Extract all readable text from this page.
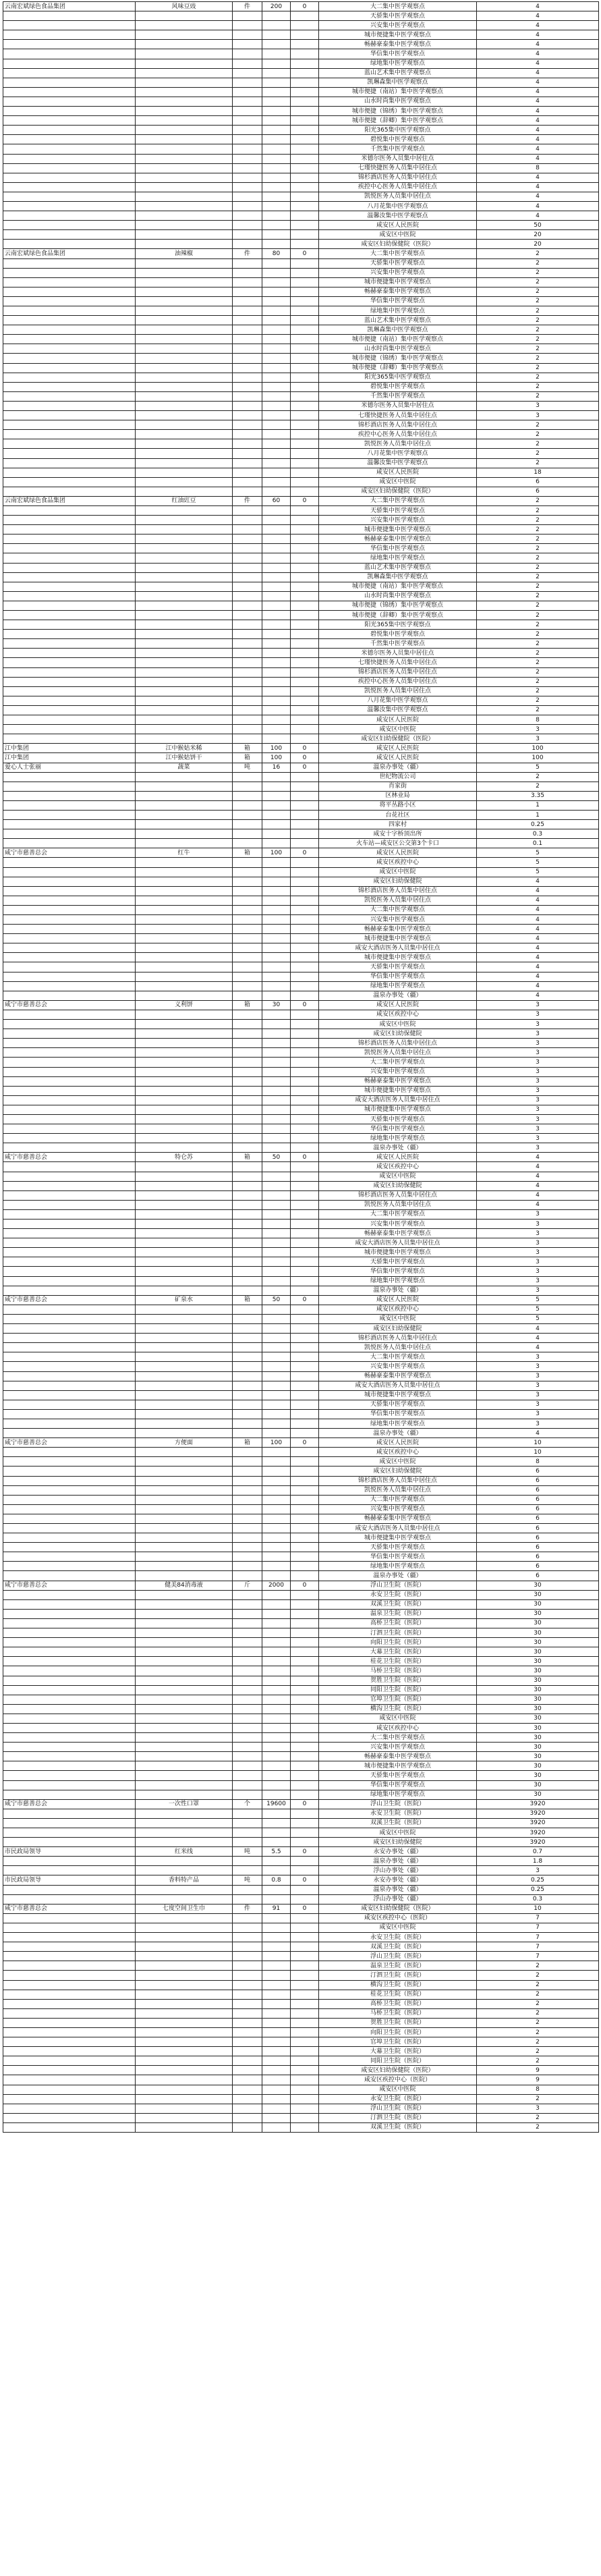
云南宏斌绿色食品集团	风味豆豉	件	200	0	大二集中医学观察点	4
					天骄集中医学观察点	4
					兴安集中医学观察点	4
					城市便捷集中医学观察点	4
					畅赫豪泰集中医学观察点	4
					华信集中医学观察点	4
					绿地集中医学观察点	4
					蓝山艺术集中医学观察点	4
					凯琳森集中医学观察点	4
					城市便捷（南站）集中医学观察点	4
					山水时尚集中医学观察点	4
					城市便捷（锦绣）集中医学观察点	4
					城市便捷（辞卿）集中医学观察点	4
					阳光365集中医学观察点	4
					碧悦集中医学观察点	4
					千然集中医学观察点	4
					米德尔医务人员集中居住点	4
					七瑾快捷医务人员集中居住点	8
					锦杉酒店医务人员集中居住点	4
					疾控中心医务人员集中居住点	4
					凯悦医务人员集中居住点	4
					八月花集中医学观察点	4
					温馨汝集中医学观察点	4
					咸安区人民医院	50
					咸安区中医院	20
					咸安区妇幼保健院（医院）	20
云南宏斌绿色食品集团	油辣椒	件	80	0	大二集中医学观察点	2
					天骄集中医学观察点	2
					兴安集中医学观察点	2
					城市便捷集中医学观察点	2
					畅赫豪泰集中医学观察点	2
					华信集中医学观察点	2
					绿地集中医学观察点	2
					蓝山艺术集中医学观察点	2
					凯琳森集中医学观察点	2
					城市便捷（南站）集中医学观察点	2
					山水时尚集中医学观察点	2
					城市便捷（锦绣）集中医学观察点	2
					城市便捷（辞卿）集中医学观察点	2
					阳光365集中医学观察点	2
					碧悦集中医学观察点	2
					千然集中医学观察点	2
					米德尔医务人员集中居住点	3
					七瑾快捷医务人员集中居住点	3
					锦杉酒店医务人员集中居住点	2
					疾控中心医务人员集中居住点	2
					凯悦医务人员集中居住点	2
					八月花集中医学观察点	2
					温馨汝集中医学观察点	2
					咸安区人民医院	18
					咸安区中医院	6
					咸安区妇幼保健院（医院）	6
云南宏斌绿色食品集团	红油豇豆	件	60	0	大二集中医学观察点	2
					天骄集中医学观察点	2
					兴安集中医学观察点	2
					城市便捷集中医学观察点	2
					畅赫豪泰集中医学观察点	2
					华信集中医学观察点	2
					绿地集中医学观察点	2
					蓝山艺术集中医学观察点	2
					凯琳森集中医学观察点	2
					城市便捷（南站）集中医学观察点	2
					山水时尚集中医学观察点	2
					城市便捷（锦绣）集中医学观察点	2
					城市便捷（辞卿）集中医学观察点	2
					阳光365集中医学观察点	2
					碧悦集中医学观察点	2
					千然集中医学观察点	2
					米德尔医务人员集中居住点	2
					七瑾快捷医务人员集中居住点	2
					锦杉酒店医务人员集中居住点	2
					疾控中心医务人员集中居住点	2
					凯悦医务人员集中居住点	2
					八月花集中医学观察点	2
					温馨汝集中医学观察点	2
					咸安区人民医院	8
					咸安区中医院	3
					咸安区妇幼保健院（医院）	3
江中集团	江中猴姑米稀	箱	100	0	咸安区人民医院	100
江中集团	江中猴姑饼干	箱	100	0	咸安区人民医院	100
爱心人士张丽	蔬菜	吨	16	0	温泉办事处（疆）	5
					世纪物流公司	2
					肖家街	2
					区林业局	3.35
					将平丛路小区	1
					台花社区	1
					四家村	0.25
					咸安十字桥顶出所	0.3
					火车站—咸安区公交第3个卡口	0.1
咸宁市慈善总会	红牛	箱	100	0	咸安区人民医院	5
					咸安区疾控中心	5
					咸安区中医院	5
					咸安区妇幼保健院	4
					锦杉酒店医务人员集中居住点	4
					凯悦医务人员集中居住点	4
					大二集中医学观察点	4
					兴安集中医学观察点	4
					畅赫豪泰集中医学观察点	4
					城市便捷集中医学观察点	4
					咸安大酒店医务人员集中居住点	4
					城市便捷集中医学观察点	4
					天骄集中医学观察点	4
					华信集中医学观察点	4
					绿地集中医学观察点	4
					温泉办事处（疆）	4
咸宁市慈善总会	义利饼	箱	30	0	咸安区人民医院	3
					咸安区疾控中心	3
					咸安区中医院	3
					咸安区妇幼保健院	3
					锦杉酒店医务人员集中居住点	3
					凯悦医务人员集中居住点	3
					大二集中医学观察点	3
					兴安集中医学观察点	3
					畅赫豪泰集中医学观察点	3
					城市便捷集中医学观察点	3
					咸安大酒店医务人员集中居住点	3
					城市便捷集中医学观察点	3
					天骄集中医学观察点	3
					华信集中医学观察点	3
					绿地集中医学观察点	3
					温泉办事处（疆）	3
咸宁市慈善总会	特仑苏	箱	50	0	咸安区人民医院	4
					咸安区疾控中心	4
					咸安区中医院	4
					咸安区妇幼保健院	4
					锦杉酒店医务人员集中居住点	4
					凯悦医务人员集中居住点	4
					大二集中医学观察点	3
					兴安集中医学观察点	3
					畅赫豪泰集中医学观察点	3
					咸安大酒店医务人员集中居住点	3
					城市便捷集中医学观察点	3
					天骄集中医学观察点	3
					华信集中医学观察点	3
					绿地集中医学观察点	3
					温泉办事处（疆）	3
咸宁市慈善总会	矿泉水	箱	50	0	咸安区人民医院	5
					咸安区疾控中心	5
					咸安区中医院	5
					咸安区妇幼保健院	4
					锦杉酒店医务人员集中居住点	4
					凯悦医务人员集中居住点	4
					大二集中医学观察点	3
					兴安集中医学观察点	3
					畅赫豪泰集中医学观察点	3
					咸安大酒店医务人员集中居住点	3
					城市便捷集中医学观察点	3
					天骄集中医学观察点	3
					华信集中医学观察点	3
					绿地集中医学观察点	3
					温泉办事处（疆）	4
咸宁市慈善总会	方便面	箱	100	0	咸安区人民医院	10
					咸安区疾控中心	10
					咸安区中医院	8
					咸安区妇幼保健院	6
					锦杉酒店医务人员集中居住点	6
					凯悦医务人员集中居住点	6
					大二集中医学观察点	6
					兴安集中医学观察点	6
					畅赫豪泰集中医学观察点	6
					咸安大酒店医务人员集中居住点	6
					城市便捷集中医学观察点	6
					天骄集中医学观察点	6
					华信集中医学观察点	6
					绿地集中医学观察点	6
					温泉办事处（疆）	6
咸宁市慈善总会	健美84消毒液	斤	2000	0	浮山卫生院（医院）	30
					永安卫生院（医院）	30
					双溪卫生院（医院）	30
					温泉卫生院（医院）	30
					高桥卫生院（医院）	30
					汀泗卫生院（医院）	30
					向阳卫生院（医院）	30
					大幕卫生院（医院）	30
					桂花卫生院（医院）	30
					马桥卫生院（医院）	30
					贺胜卫生院（医院）	30
					同阳卫生院（医院）	30
					官埠卫生院（医院）	30
					横沟卫生院（医院）	30
					咸安区中医院	30
					咸安区疾控中心	30
					大二集中医学观察点	30
					兴安集中医学观察点	30
					畅赫豪泰集中医学观察点	30
					城市便捷集中医学观察点	30
					天骄集中医学观察点	30
					华信集中医学观察点	30
					绿地集中医学观察点	30
咸宁市慈善总会	一次性口罩	个	19600	0	浮山卫生院（医院）	3920
					永安卫生院（医院）	3920
					双溪卫生院（医院）	3920
					咸安区中医院	3920
					咸安区妇幼保健院	3920
市民政局领导	红米线	吨	5.5	0	永安办事处（疆）	0.7
					温泉办事处（疆）	1.8
					浮山办事处（疆）	3
市民政局领导	香料特产品	吨	0.8	0	永安办事处（疆）	0.25
					温泉办事处（疆）	0.25
					浮山办事处（疆）	0.3
咸宁市慈善总会	七度空间卫生巾	件	91	0	咸安区妇幼保健院（医院）	10
					咸安区疾控中心（医院）	7
					咸安区中医院	7
					永安卫生院（医院）	7
					双溪卫生院（医院）	7
					浮山卫生院（医院）	7
					温泉卫生院（医院）	2
					汀泗卫生院（医院）	2
					横沟卫生院（医院）	2
					桂花卫生院（医院）	2
					高桥卫生院（医院）	2
					马桥卫生院（医院）	2
					贺胜卫生院（医院）	2
					向阳卫生院（医院）	2
					官埠卫生院（医院）	2
					大幕卫生院（医院）	2
					同阳卫生院（医院）	2
					咸安区妇幼保健院（医院）	9
					咸安区疾控中心（医院）	9
					咸安区中医院	8
					永安卫生院（医院）	2
					浮山卫生院（医院）	3
					汀泗卫生院（医院）	2
					双溪卫生院（医院）	2
